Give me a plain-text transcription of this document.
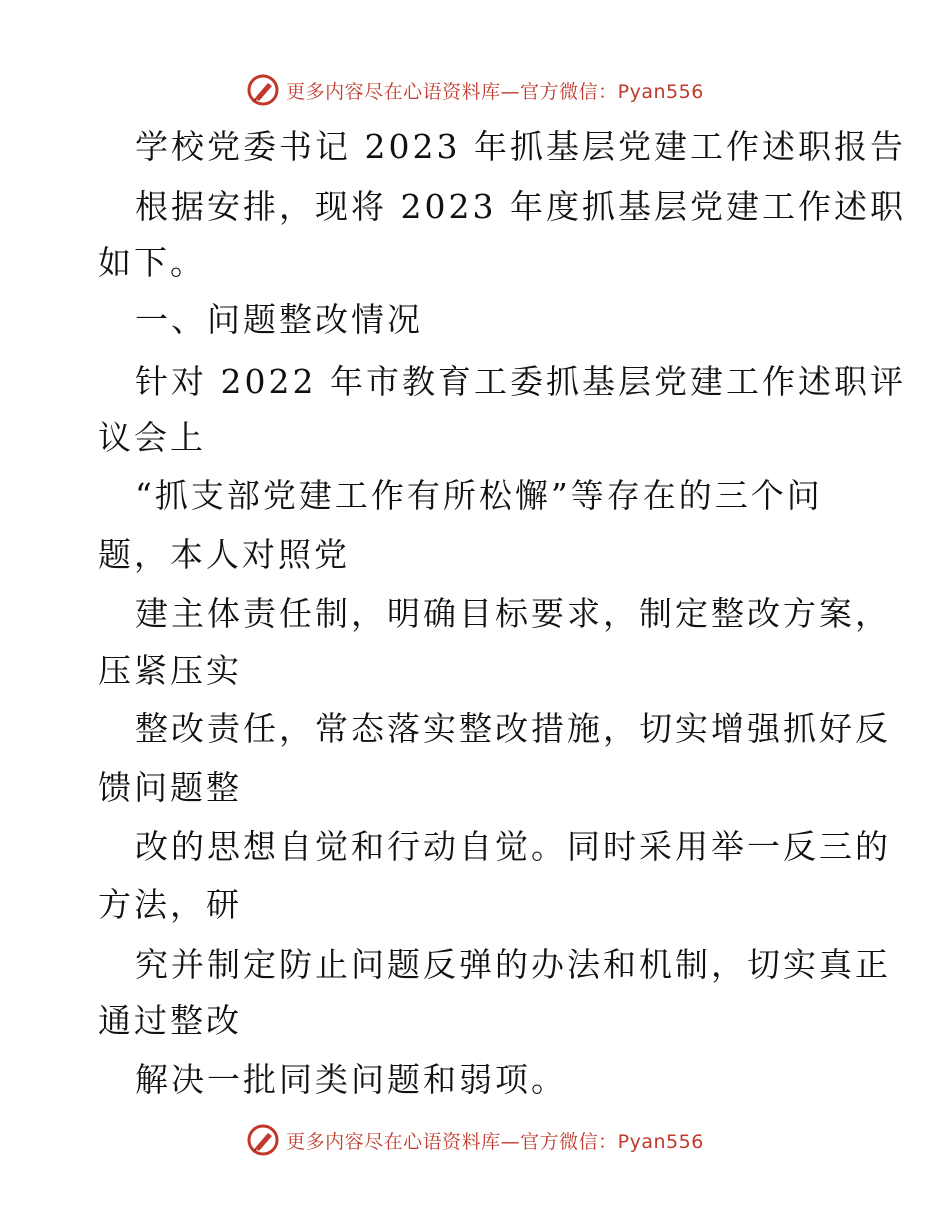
更多内容尽在心语资料库—官方微信：Pyan556
学校党委书记 2023 年抓基层党建工作述职报告
根据安排，现将 2023 年度抓基层党建工作述职
如下。
一、问题整改情况
针对 2022 年市教育工委抓基层党建工作述职评
议会上
“抓支部党建工作有所松懈”等存在的三个问
题，本人对照党
建主体责任制，明确目标要求，制定整改方案，
压紧压实
整改责任，常态落实整改措施，切实增强抓好反
馈问题整
改的思想自觉和行动自觉。同时采用举一反三的
方法，研
究并制定防止问题反弹的办法和机制，切实真正
通过整改
解决一批同类问题和弱项。
更多内容尽在心语资料库—官方微信：Pyan556
